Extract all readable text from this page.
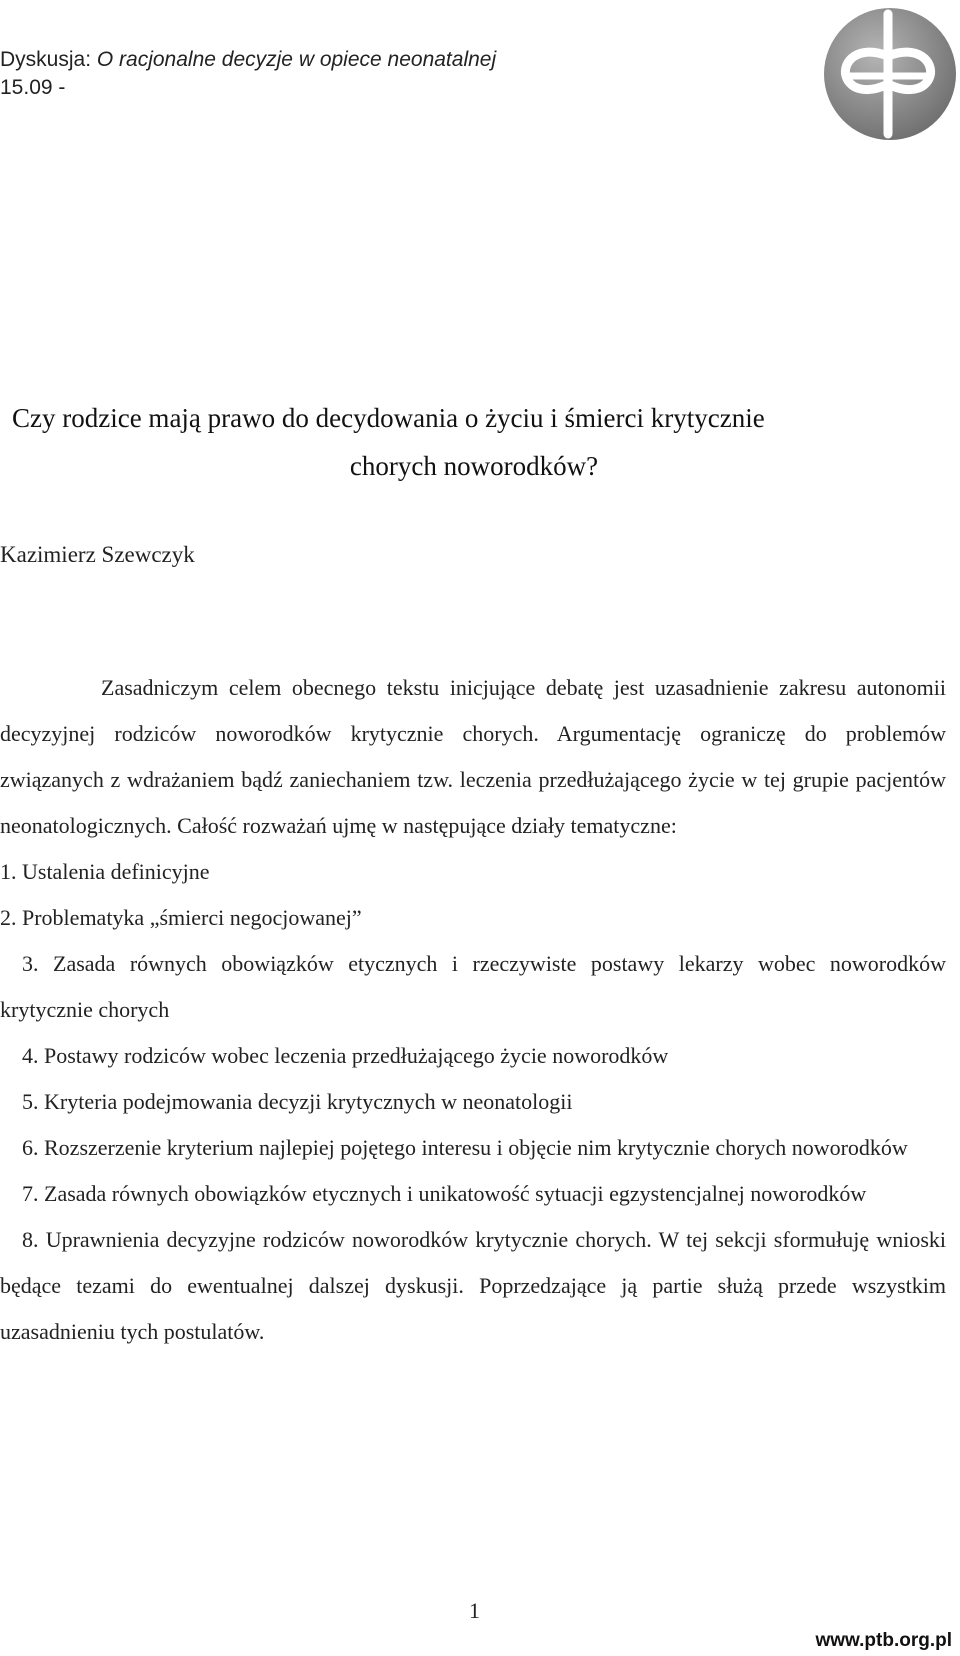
Dyskusja: O racjonalne decyzje w opiece neonatalnej
15.09 -
Czy rodzice mają prawo do decydowania o życiu i śmierci krytycznie
chorych noworodków?
Kazimierz Szewczyk

Zasadniczym celem obecnego tekstu inicjujące debatę jest uzasadnienie zakresu autonomii decyzyjnej rodziców noworodków krytycznie chorych. Argumentację ograniczę do problemów związanych z wdrażaniem bądź zaniechaniem tzw. leczenia przedłużającego życie w tej grupie pacjentów neonatologicznych. Całość rozważań ujmę w następujące działy tematyczne:

1. Ustalenia definicyjne

2. Problematyka „śmierci negocjowanej”

3. Zasada równych obowiązków etycznych i rzeczywiste postawy lekarzy wobec noworodków krytycznie chorych

4. Postawy rodziców wobec leczenia przedłużającego życie noworodków

5. Kryteria podejmowania decyzji krytycznych w neonatologii

6. Rozszerzenie kryterium najlepiej pojętego interesu i objęcie nim krytycznie chorych noworodków

7. Zasada równych obowiązków etycznych i unikatowość sytuacji egzystencjalnej noworodków

8. Uprawnienia decyzyjne rodziców noworodków krytycznie chorych. W tej sekcji sformułuję wnioski będące tezami do ewentualnej dalszej dyskusji. Poprzedzające ją partie służą przede wszystkim uzasadnieniu tych postulatów.

1
www.ptb.org.pl
